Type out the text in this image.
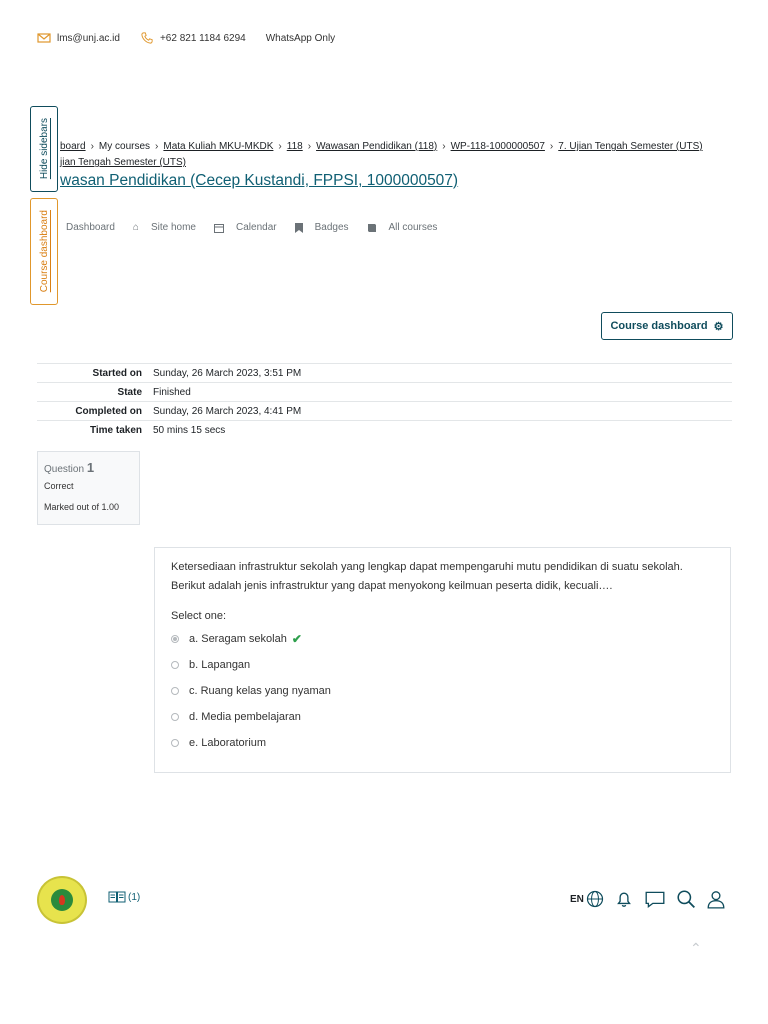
lms@unj.ac.id	+62 821 1184 6294 WhatsApp Only
Hide sidebars
Course dashboard
board › My courses › Mata Kuliah MKU-MKDK › 118 › Wawasan Pendidikan (118) › WP-118-1000000507 › 7. Ujian Tengah Semester (UTS)
jian Tengah Semester (UTS)
wasan Pendidikan (Cecep Kustandi, FPPSI, 1000000507)
Dashboard ⌂ Site home	Calendar	Badges	All courses
Course dashboard ⚙
Started on	Sunday, 26 March 2023, 3:51 PM
State	Finished
Completed on	Sunday, 26 March 2023, 4:41 PM
Time taken	50 mins 15 secs
Question 1
Correct
Marked out of 1.00
Ketersediaan infrastruktur sekolah yang lengkap dapat mempengaruhi mutu pendidikan di suatu sekolah. Berikut adalah jenis infrastruktur yang dapat menyokong keilmuan peserta didik, kecuali….
Select one:
a. Seragam sekolah ✔
b. Lapangan
c. Ruang kelas yang nyaman
d. Media pembelajaran
e. Laboratorium
(1)	EN
⌃
